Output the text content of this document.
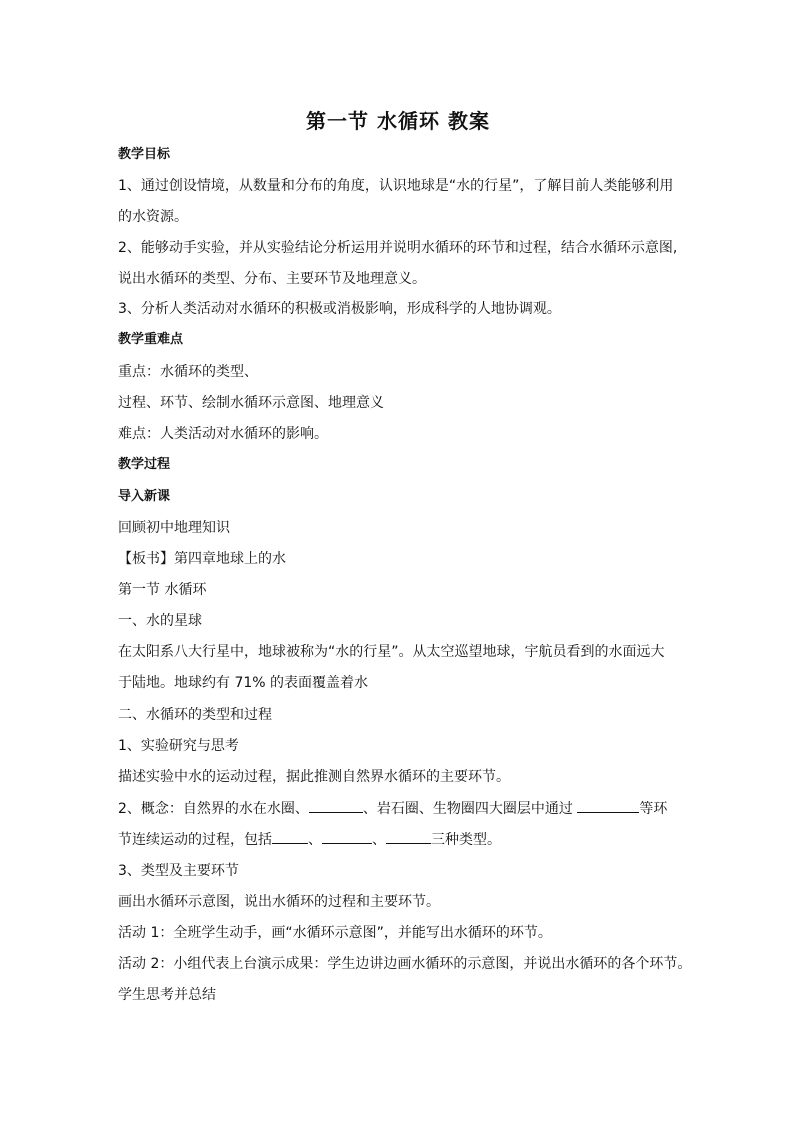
第一节 水循环 教案
教学目标
1、通过创设情境，从数量和分布的角度，认识地球是“水的行星”，了解目前人类能够利用
的水资源。
2、能够动手实验，并从实验结论分析运用并说明水循环的环节和过程，结合水循环示意图,
说出水循环的类型、分布、主要环节及地理意义。
3、分析人类活动对水循环的积极或消极影响，形成科学的人地协调观。
教学重难点
重点：水循环的类型、
过程、环节、绘制水循环示意图、地理意义
难点：人类活动对水循环的影响。
教学过程
导入新课
回顾初中地理知识
【板书】第四章地球上的水
第一节 水循环
一、水的星球
在太阳系八大行星中，地球被称为“水的行星”。从太空巡望地球，宇航员看到的水面远大
于陆地。地球约有 71% 的表面覆盖着水
二、水循环的类型和过程
1、实验研究与思考
描述实验中水的运动过程，据此推测自然界水循环的主要环节。
2、概念：自然界的水在水圈、	、岩石圈、生物圈四大圈层中通过	等环
节连续运动的过程，包括	、	、	三种类型。
3、类型及主要环节
画出水循环示意图，说出水循环的过程和主要环节。
活动 1：全班学生动手，画“水循环示意图”，并能写出水循环的环节。
活动 2：小组代表上台演示成果：学生边讲边画水循环的示意图，并说出水循环的各个环节。
学生思考并总结
